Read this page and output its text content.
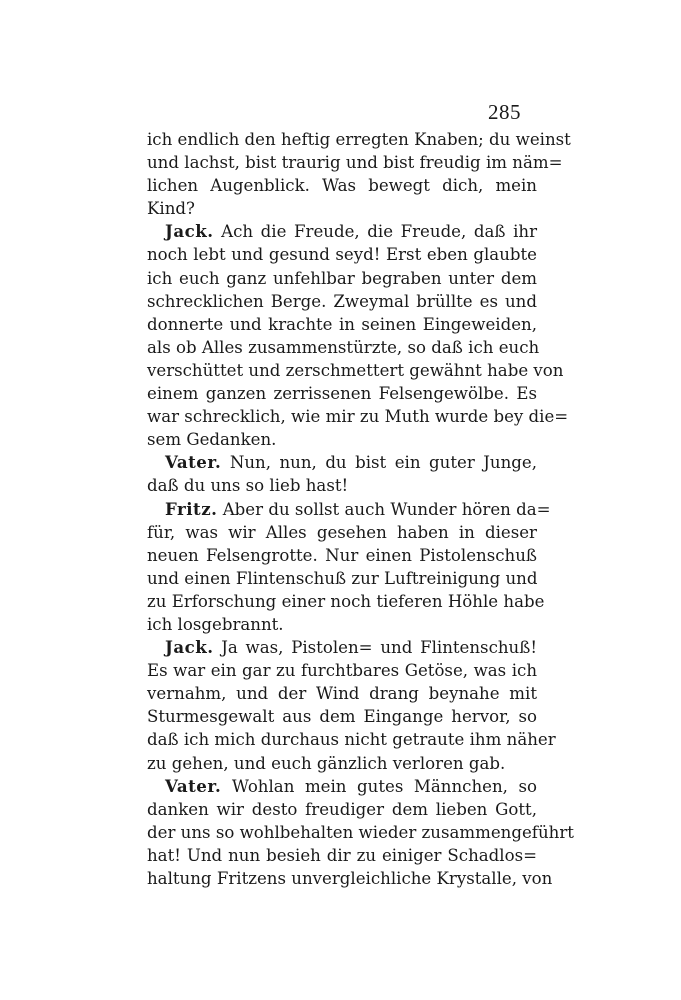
285
ich endlich den heftig erregten Knaben; du weinst
und lachst, bist traurig und bist freudig im näm=
lichen Augenblick. Was bewegt dich, mein
Kind?
Jack. Ach die Freude, die Freude, daß ihr
noch lebt und gesund seyd! Erst eben glaubte
ich euch ganz unfehlbar begraben unter dem
schrecklichen Berge. Zweymal brüllte es und
donnerte und krachte in seinen Eingeweiden,
als ob Alles zusammenstürzte, so daß ich euch
verschüttet und zerschmettert gewähnt habe von
einem ganzen zerrissenen Felsengewölbe. Es
war schrecklich, wie mir zu Muth wurde bey die=
sem Gedanken.
Vater. Nun, nun, du bist ein guter Junge,
daß du uns so lieb hast!
Fritz. Aber du sollst auch Wunder hören da=
für, was wir Alles gesehen haben in dieser
neuen Felsengrotte. Nur einen Pistolenschuß
und einen Flintenschuß zur Luftreinigung und
zu Erforschung einer noch tieferen Höhle habe
ich losgebrannt.
Jack. Ja was, Pistolen= und Flintenschuß!
Es war ein gar zu furchtbares Getöse, was ich
vernahm, und der Wind drang beynahe mit
Sturmesgewalt aus dem Eingange hervor, so
daß ich mich durchaus nicht getraute ihm näher
zu gehen, und euch gänzlich verloren gab.
Vater. Wohlan mein gutes Männchen, so
danken wir desto freudiger dem lieben Gott,
der uns so wohlbehalten wieder zusammengeführt
hat! Und nun besieh dir zu einiger Schadlos=
haltung Fritzens unvergleichliche Krystalle, von
